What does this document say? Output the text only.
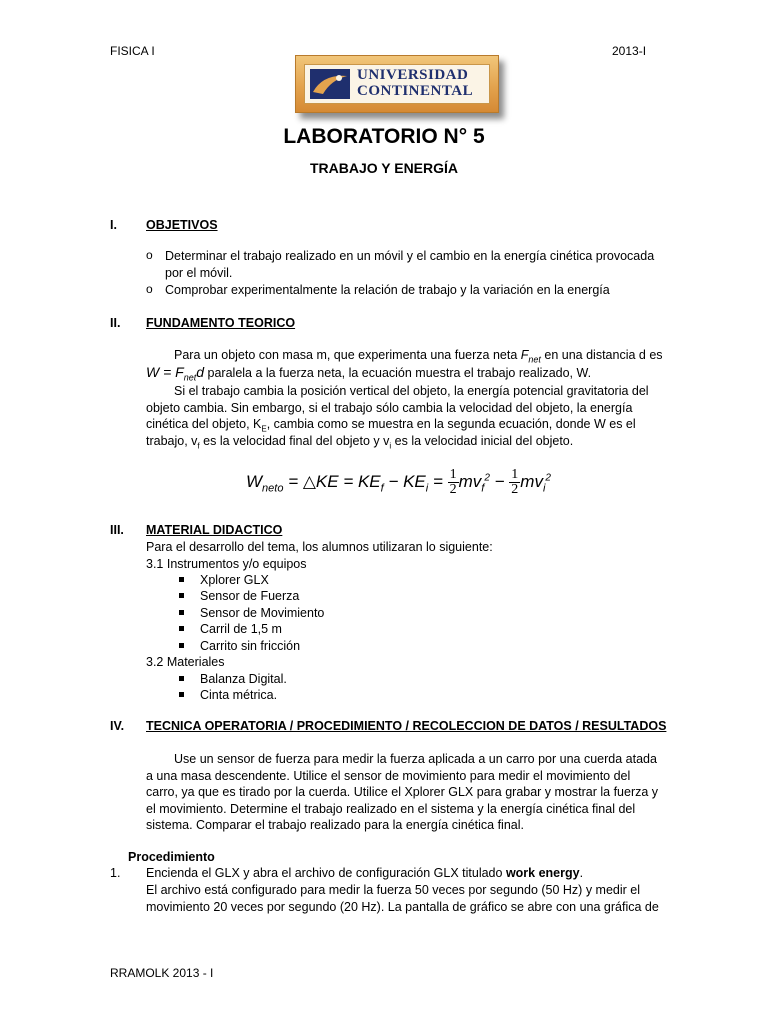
FISICA I	2013-I
UNIVERSIDAD
CONTINENTAL
LABORATORIO N° 5
TRABAJO Y ENERGÍA
I. OBJETIVOS
o Determinar el trabajo realizado en un móvil y el cambio en la energía cinética provocada
por el móvil.
o Comprobar experimentalmente la relación de trabajo y la variación en la energía
II. FUNDAMENTO TEORICO
Para un objeto con masa m, que experimenta una fuerza neta $F_{net}$ en una distancia d es
$W = F_{net}d$ paralela a la fuerza neta, la ecuación muestra el trabajo realizado, W.
Si el trabajo cambia la posición vertical del objeto, la energía potencial gravitatoria del
objeto cambia. Sin embargo, si el trabajo sólo cambia la velocidad del objeto, la energía
cinética del objeto, $K_E$, cambia como se muestra en la segunda ecuación, donde W es el
trabajo, $v_f$ es la velocidad final del objeto y $v_i$ es la velocidad inicial del objeto.
$W_{neto}$ = △KE = $KE_f - KE_i = \frac{1}{2} mv_f^2 - \frac{1}{2} mv_i^2$
III. MATERIAL DIDACTICO
Para el desarrollo del tema, los alumnos utilizaran lo siguiente:
3.1 Instrumentos y/o equipos
Xplorer GLX
Sensor de Fuerza
Sensor de Movimiento
Carril de 1,5 m
Carrito sin fricción
3.2 Materiales
Balanza Digital.
Cinta métrica.
IV. TECNICA OPERATORIA / PROCEDIMIENTO / RECOLECCION DE DATOS / RESULTADOS
Use un sensor de fuerza para medir la fuerza aplicada a un carro por una cuerda atada
a una masa descendente. Utilice el sensor de movimiento para medir el movimiento del
carro, ya que es tirado por la cuerda. Utilice el Xplorer GLX para grabar y mostrar la fuerza y
el movimiento. Determine el trabajo realizado en el sistema y la energía cinética final del
sistema. Comparar el trabajo realizado para la energía cinética final.
Procedimiento
1. Encienda el GLX y abra el archivo de configuración GLX titulado work energy.
El archivo está configurado para medir la fuerza 50 veces por segundo (50 Hz) y medir el
movimiento 20 veces por segundo (20 Hz). La pantalla de gráfico se abre con una gráfica de
RRAMOLK 2013 - I
